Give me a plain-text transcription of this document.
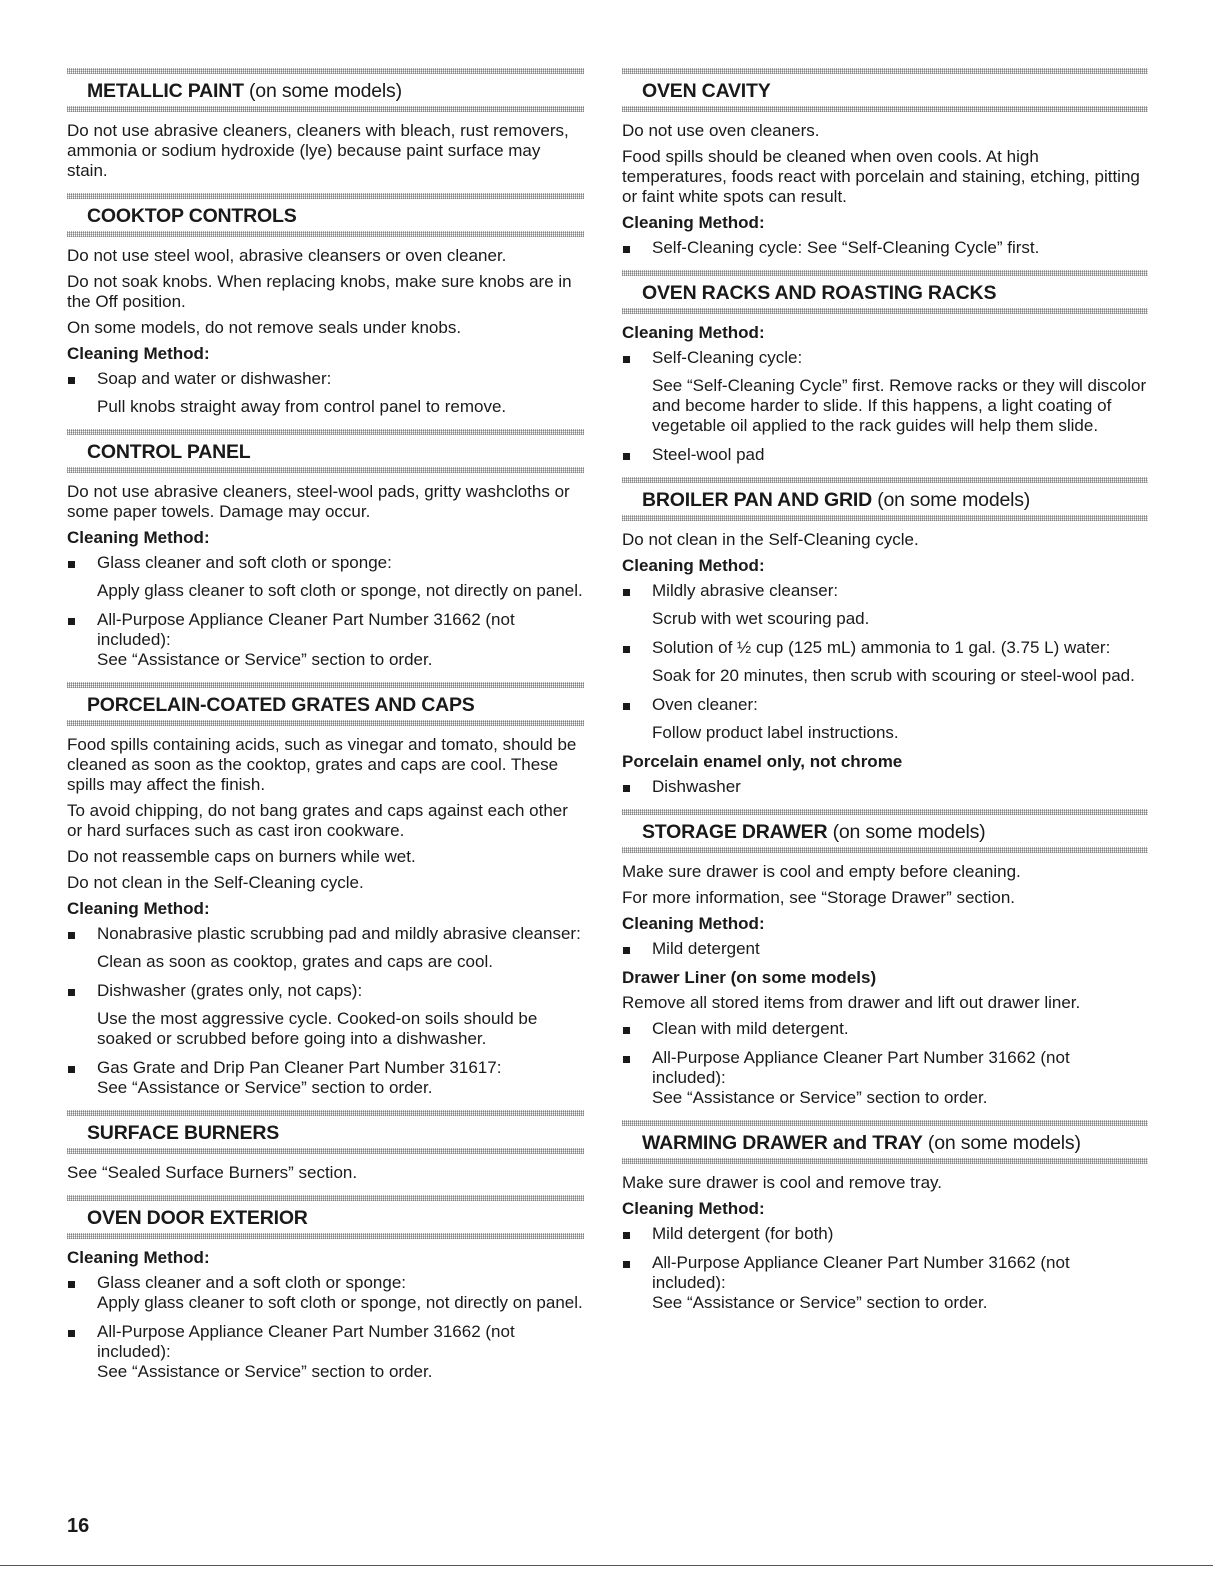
METALLIC PAINT (on some models)

Do not use abrasive cleaners, cleaners with bleach, rust removers, ammonia or sodium hydroxide (lye) because paint surface may stain.

COOKTOP CONTROLS

Do not use steel wool, abrasive cleansers or oven cleaner.

Do not soak knobs. When replacing knobs, make sure knobs are in the Off position.

On some models, do not remove seals under knobs.

Cleaning Method:
Soap and water or dishwasher:
Pull knobs straight away from control panel to remove.
CONTROL PANEL

Do not use abrasive cleaners, steel-wool pads, gritty washcloths or some paper towels. Damage may occur.

Cleaning Method:
Glass cleaner and soft cloth or sponge:
Apply glass cleaner to soft cloth or sponge, not directly on panel.
All-Purpose Appliance Cleaner Part Number 31662 (not included):
See “Assistance or Service” section to order.
PORCELAIN-COATED GRATES AND CAPS

Food spills containing acids, such as vinegar and tomato, should be cleaned as soon as the cooktop, grates and caps are cool. These spills may affect the finish.

To avoid chipping, do not bang grates and caps against each other or hard surfaces such as cast iron cookware.

Do not reassemble caps on burners while wet.

Do not clean in the Self-Cleaning cycle.

Cleaning Method:
Nonabrasive plastic scrubbing pad and mildly abrasive cleanser:
Clean as soon as cooktop, grates and caps are cool.
Dishwasher (grates only, not caps):
Use the most aggressive cycle. Cooked-on soils should be soaked or scrubbed before going into a dishwasher.
Gas Grate and Drip Pan Cleaner Part Number 31617:
See “Assistance or Service” section to order.
SURFACE BURNERS

See “Sealed Surface Burners” section.

OVEN DOOR EXTERIOR
Cleaning Method:
Glass cleaner and a soft cloth or sponge:
Apply glass cleaner to soft cloth or sponge, not directly on panel.
All-Purpose Appliance Cleaner Part Number 31662 (not included):
See “Assistance or Service” section to order.
OVEN CAVITY

Do not use oven cleaners.

Food spills should be cleaned when oven cools. At high temperatures, foods react with porcelain and staining, etching, pitting or faint white spots can result.

Cleaning Method:
Self-Cleaning cycle: See “Self-Cleaning Cycle” first.
OVEN RACKS AND ROASTING RACKS
Cleaning Method:
Self-Cleaning cycle:
See “Self-Cleaning Cycle” first. Remove racks or they will discolor and become harder to slide. If this happens, a light coating of vegetable oil applied to the rack guides will help them slide.
Steel-wool pad
BROILER PAN AND GRID (on some models)

Do not clean in the Self-Cleaning cycle.

Cleaning Method:
Mildly abrasive cleanser:
Scrub with wet scouring pad.
Solution of ½ cup (125 mL) ammonia to 1 gal. (3.75 L) water:
Soak for 20 minutes, then scrub with scouring or steel-wool pad.
Oven cleaner:
Follow product label instructions.
Porcelain enamel only, not chrome
Dishwasher
STORAGE DRAWER (on some models)

Make sure drawer is cool and empty before cleaning.

For more information, see “Storage Drawer” section.

Cleaning Method:
Mild detergent
Drawer Liner (on some models)

Remove all stored items from drawer and lift out drawer liner.

Clean with mild detergent.
All-Purpose Appliance Cleaner Part Number 31662 (not included):
See “Assistance or Service” section to order.
WARMING DRAWER and TRAY (on some models)

Make sure drawer is cool and remove tray.

Cleaning Method:
Mild detergent (for both)
All-Purpose Appliance Cleaner Part Number 31662 (not included):
See “Assistance or Service” section to order.
16
